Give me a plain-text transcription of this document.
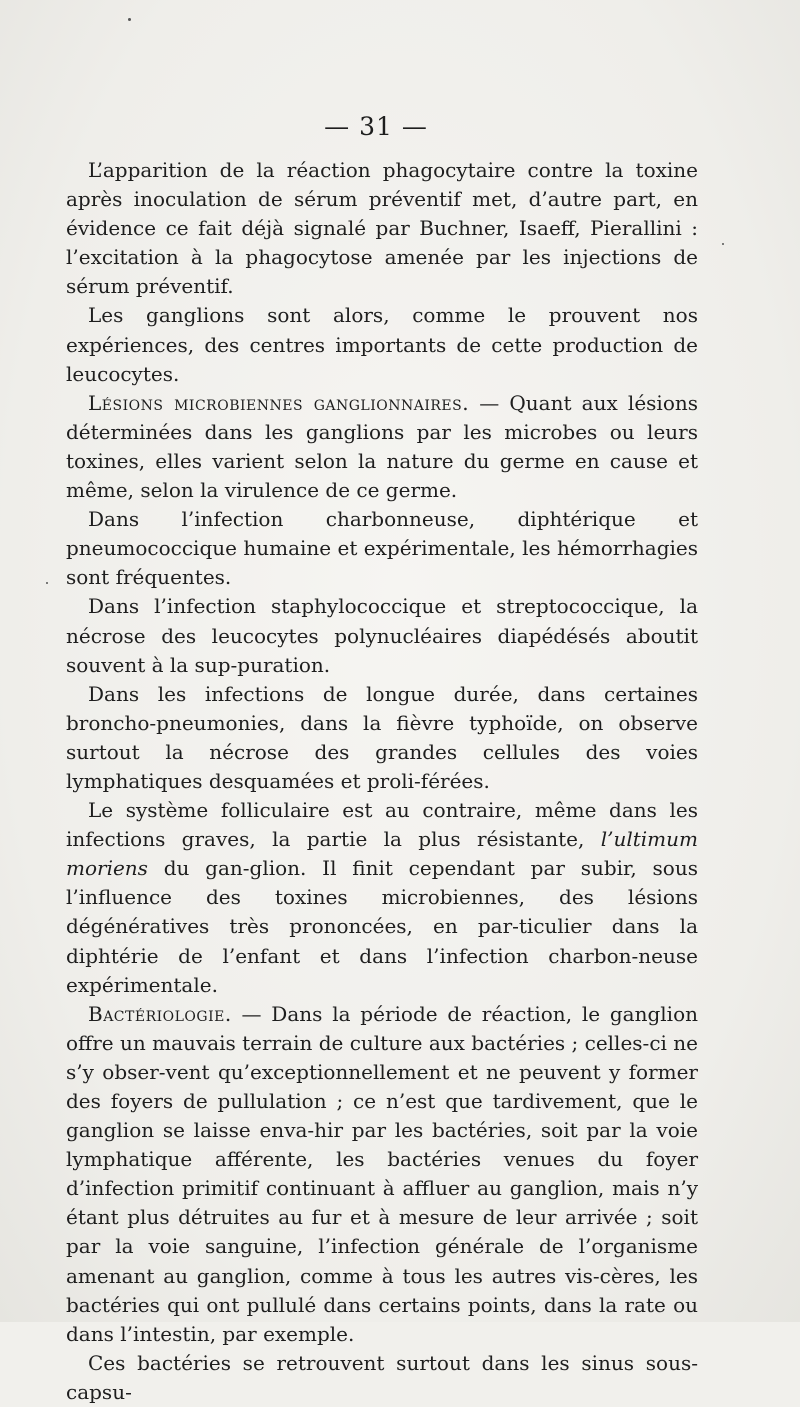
— 31 —

L’apparition de la réaction phagocytaire contre la toxine après inoculation de sérum préventif met, d’autre part, en évidence ce fait déjà signalé par Buchner, Isaeff, Pierallini : l’excitation à la phagocytose amenée par les injections de sérum préventif.

Les ganglions sont alors, comme le prouvent nos expériences, des centres importants de cette production de leucocytes.

Lésions microbiennes ganglionnaires. — Quant aux lésions déterminées dans les ganglions par les microbes ou leurs toxines, elles varient selon la nature du germe en cause et même, selon la virulence de ce germe.

Dans l’infection charbonneuse, diphtérique et pneumococcique humaine et expérimentale, les hémorrhagies sont fréquentes.

Dans l’infection staphylococcique et streptococcique, la nécrose des leucocytes polynucléaires diapédésés aboutit souvent à la sup-puration.

Dans les infections de longue durée, dans certaines broncho-pneumonies, dans la fièvre typhoïde, on observe surtout la nécrose des grandes cellules des voies lymphatiques desquamées et proli-férées.

Le système folliculaire est au contraire, même dans les infections graves, la partie la plus résistante, l’ultimum moriens du gan-glion. Il finit cependant par subir, sous l’influence des toxines microbiennes, des lésions dégénératives très prononcées, en par-ticulier dans la diphtérie de l’enfant et dans l’infection charbon-neuse expérimentale.

Bactériologie. — Dans la période de réaction, le ganglion offre un mauvais terrain de culture aux bactéries ; celles-ci ne s’y obser-vent qu’exceptionnellement et ne peuvent y former des foyers de pullulation ; ce n’est que tardivement, que le ganglion se laisse enva-hir par les bactéries, soit par la voie lymphatique afférente, les bactéries venues du foyer d’infection primitif continuant à affluer au ganglion, mais n’y étant plus détruites au fur et à mesure de leur arrivée ; soit par la voie sanguine, l’infection générale de l’organisme amenant au ganglion, comme à tous les autres vis-cères, les bactéries qui ont pullulé dans certains points, dans la rate ou dans l’intestin, par exemple.

Ces bactéries se retrouvent surtout dans les sinus sous-capsu-
